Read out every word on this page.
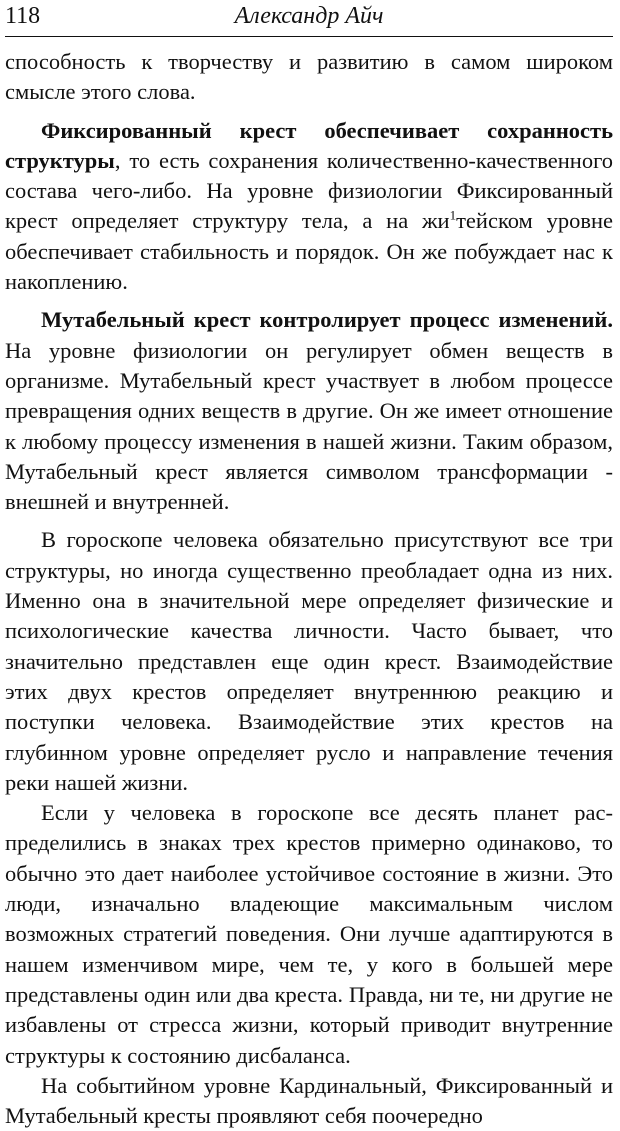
118	Александр Айч

способность к творчеству и развитию в самом широком смысле этого слова.

Фиксированный крест обеспечивает сохранность структуры, то есть сохранения количественно-качественного состава чего-либо. На уровне физиологии Фиксированный крест определяет структуру тела, а на $жи^1тейском$ уровне обеспечивает стабильность и порядок. Он же побуждает нас к накоплению.

Мутабельный крест контролирует процесс изменений. На уровне физиологии он регулирует обмен веществ в организме. Мутабельный крест участвует в любом процессе превращения одних веществ в другие. Он же имеет отношение к любому процессу изменения в нашей жизни. Таким образом, Мутабельный крест является символом трансформации - внешней и внутренней.

В гороскопе человека обязательно присутствуют все три структуры, но иногда существенно преобладает одна из них. Именно она в значительной мере определяет физические и психологические качества личности. Часто бывает, что значительно представлен еще один крест. Взаимодействие этих двух крестов определяет внутреннюю реакцию и поступки человека. Взаимодействие этих крестов на глубинном уровне определяет русло и направление течения реки нашей жизни.

Если у человека в гороскопе все десять планет распределились в знаках трех крестов примерно одинаково, то обычно это дает наиболее устойчивое состояние в жизни. Это люди, изначально владеющие максимальным числом возможных стратегий поведения. Они лучше адаптируются в нашем изменчивом мире, чем те, у кого в большей мере представлены один или два креста. Правда, ни те, ни другие не избавлены от стресса жизни, который приводит внутренние структуры к состоянию дисбаланса.

На событийном уровне Кардинальный, Фиксированный и Мутабельный кресты проявляют себя поочередно
